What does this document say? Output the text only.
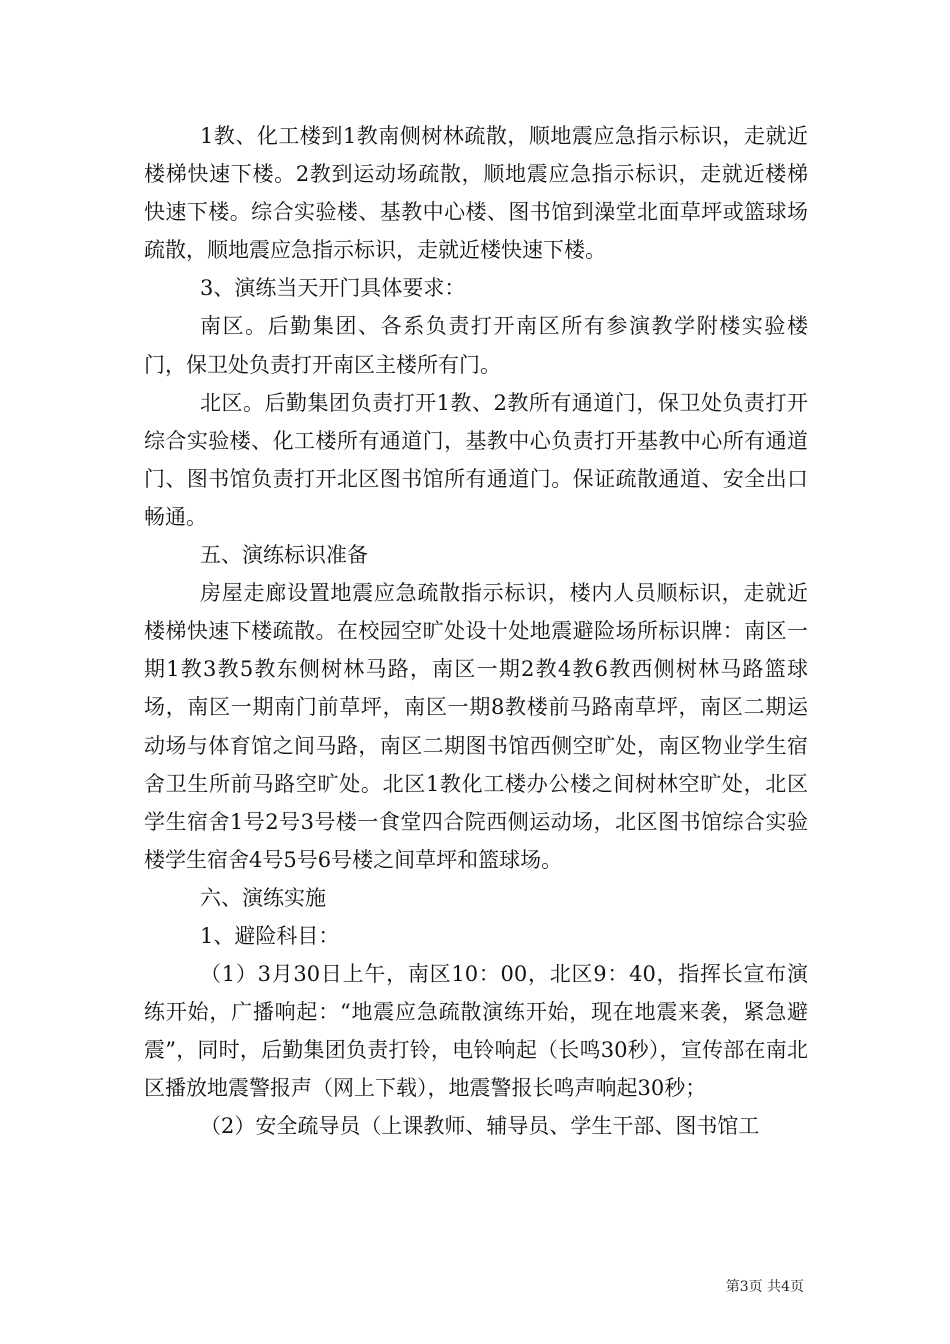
1教、化工楼到1教南侧树林疏散，顺地震应急指示标识，走就近楼梯快速下楼。2教到运动场疏散，顺地震应急指示标识，走就近楼梯快速下楼。综合实验楼、基教中心楼、图书馆到澡堂北面草坪或篮球场疏散，顺地震应急指示标识，走就近楼快速下楼。

3、演练当天开门具体要求：

南区。后勤集团、各系负责打开南区所有参演教学附楼实验楼门，保卫处负责打开南区主楼所有门。

北区。后勤集团负责打开1教、2教所有通道门，保卫处负责打开综合实验楼、化工楼所有通道门，基教中心负责打开基教中心所有通道门、图书馆负责打开北区图书馆所有通道门。保证疏散通道、安全出口畅通。

五、演练标识准备

房屋走廊设置地震应急疏散指示标识，楼内人员顺标识，走就近楼梯快速下楼疏散。在校园空旷处设十处地震避险场所标识牌：南区一期1教3教5教东侧树林马路，南区一期2教4教6教西侧树林马路篮球场，南区一期南门前草坪，南区一期8教楼前马路南草坪，南区二期运动场与体育馆之间马路，南区二期图书馆西侧空旷处，南区物业学生宿舍卫生所前马路空旷处。北区1教化工楼办公楼之间树林空旷处，北区学生宿舍1号2号3号楼一食堂四合院西侧运动场，北区图书馆综合实验楼学生宿舍4号5号6号楼之间草坪和篮球场。

六、演练实施

1、避险科目：

（1）3月30日上午，南区10：00，北区9：40，指挥长宣布演练开始，广播响起：“地震应急疏散演练开始，现在地震来袭，紧急避震”，同时，后勤集团负责打铃，电铃响起（长鸣30秒），宣传部在南北区播放地震警报声（网上下载），地震警报长鸣声响起30秒；

（2）安全疏导员（上课教师、辅导员、学生干部、图书馆工

第3页 共4页
